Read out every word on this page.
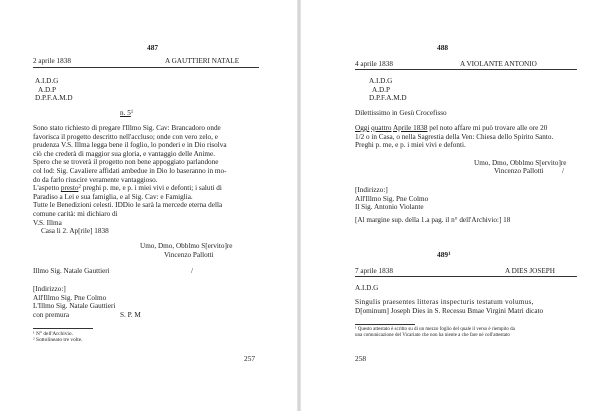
487
2 aprile 1838	A GAUTTIERI NATALE
A.I.D.G
A.D.P
D.P.F.A.M.D
n. $5^1$
Sono stato richiesto di pregare l'Illmo Sig. Cav: Brancadoro onde
favorisca il progetto descritto nell'accluso; onde con vero zelo, e
prudenza V.S. Illma legga bene il foglio, lo ponderi e in Dio risolva
ciò che crederà di maggior sua gloria, e vantaggio delle Anime.
Spero che se troverà il progetto non bene appoggiato parlandone
col lod: Sig. Cavaliere affidati ambedue in Dio lo baseranno in mo-
do da farlo riuscire veramente vantaggioso.
L'aspetto presto$^2$ preghi p. me, e p. i miei vivi e defonti; i saluti di
Paradiso a Lei e sua famiglia, e al Sig. Cav: e Famiglia.
Tutte le Benedizioni celesti. IDDio le sarà la mercede eterna della
comune carità: mi dichiaro di
V.S. Illma
Casa li 2. Ap[rile] 1838
Umo, Dmo, Obblmo S[ervito]re
Vincenzo Pallotti
Illmo Sig. Natale Gauttieri	/
[Indirizzo:]
All'Illmo Sig. Pne Colmo
L'Illmo Sig. Natale Gauttieri
con premura	S. P. M
¹ N° dell'Archivio.
² Sottolineato tre volte.
257
488
4 aprile 1838	A VIOLANTE ANTONIO
A.I.D.G
A.D.P
D.P.F.A.M.D
Dilettissimo in Gesù Crocefisso
Oggi quattro Aprile 1838 pel noto affare mi può trovare alle ore 20
1/2 o in Casa, o nella Sagrestia della Ven: Chiesa dello Spirito Santo.
Preghi p. me, e p. i miei vivi e defonti.
Umo, Dmo, Obblmo S[ervito]re
Vincenzo Pallotti	/
[Indirizzo:]
All'Illmo Sig. Pne Colmo
Il Sig. Antonio Violante
[Al margine sup. della 1.a pag. il n° dell'Archivio:] 18
$489^1$
7 aprile 1838	A DIES JOSEPH
A.I.D.G
Singulis praesentes litteras inspecturis testatum volumus,
D[ominum] Joseph Dies in S. Recessu Bmae Virgini Matri dicato
¹ Questo attestato è scritto su di un mezzo foglio del quale il verso è riempito da
una comunicazione del Vicariato che non ha niente a che fare né coll'attestato
258
